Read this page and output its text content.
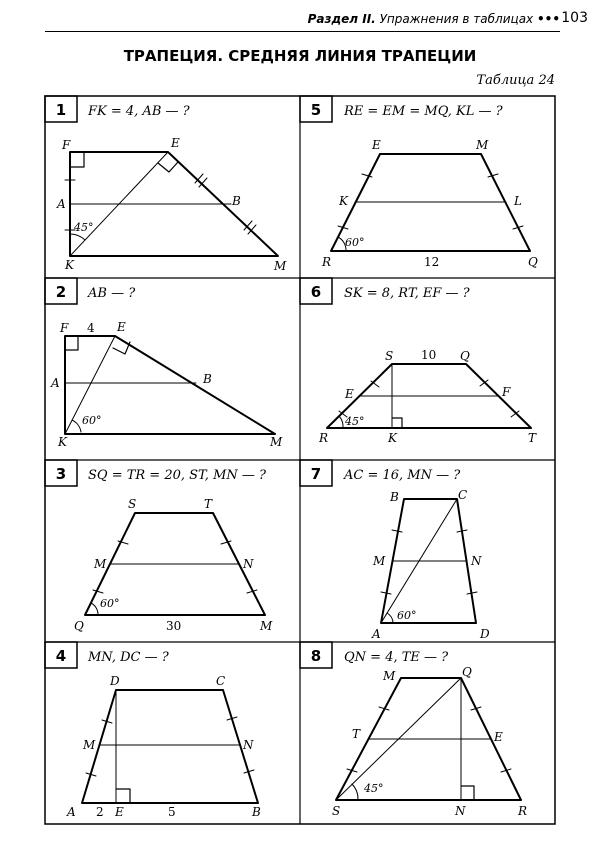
Раздел II. Упражнения в таблицах ••• 103
ТРАПЕЦИЯ. СРЕДНЯЯ ЛИНИЯ ТРАПЕЦИИ
Таблица 24
1
2
3
4
5
6
7
8
FK = 4, AB — ?
AB — ?
SQ = TR = 20, ST, MN — ?
MN, DC — ?
RE = EM = MQ, KL — ?
SK = 8, RT, EF — ?
AC = 16, MN — ?
QN = 4, TE — ?
F	E
A	B
K	M
45°
F 4 E
A	B
K	M
60°
S	T
M	N
Q	30	M
60°
D	C
M	N
A 2 E	5	B
E	M
K	L
R	12	Q
60°
S 10 Q
E	F
R	K	T
45°
B	C
M	N
A	D
60°
M	Q
T	E
S	N	R
45°
